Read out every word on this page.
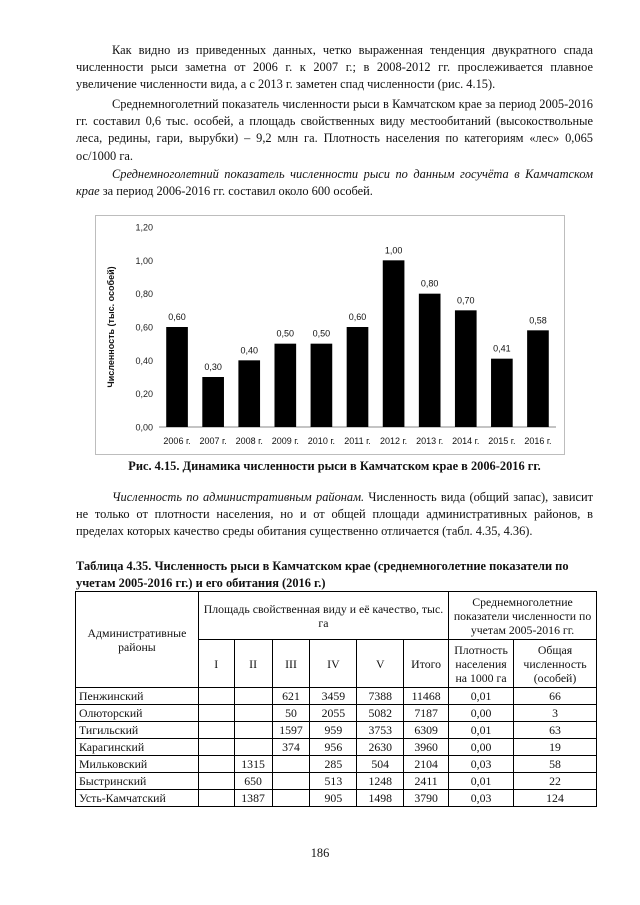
Как видно из приведенных данных, четко выраженная тенденция двукратного спада численности рыси заметна от 2006 г. к 2007 г.; в 2008-2012 гг. прослеживается плавное увеличение численности вида, а с 2013 г. заметен спад численности (рис. 4.15).

Среднемноголетний показатель численности рыси в Камчатском крае за период 2005-2016 гг. составил 0,6 тыс. особей, а площадь свойственных виду местообитаний (высокоствольные леса, редины, гари, вырубки) – 9,2 млн га. Плотность населения по категориям «лес» 0,065 ос/1000 га.

Среднемноголетний показатель численности рыси по данным госучёта в Камчатском крае за период 2006-2016 гг. составил около 600 особей.

0,00
0,20
0,40
0,60
0,80
1,00
1,20
Численность (тыс. особей)	0,60
2006 г.
0,30
2007 г.
0,40
2008 г.
0,50
2009 г.
0,50
2010 г.
0,60
2011 г.
1,00
2012 г.
0,80
2013 г.
0,70
2014 г.
0,41
2015 г.
0,58
2016 г.

Рис. 4.15. Динамика численности рыси в Камчатском крае в 2006-2016 гг.

Численность по административным районам. Численность вида (общий запас), зависит не только от плотности населения, но и от общей площади административных районов, в пределах которых качество среды обитания существенно отличается (табл. 4.35, 4.36).

Таблица 4.35. Численность рыси в Камчатском крае (среднемноголетние показатели по учетам 2005-2016 гг.) и его обитания (2016 г.)

Административные районы	Площадь свойственная виду и её качество, тыс. га						Среднемноголетние показатели численности по учетам 2005-2016 гг.	
	I	II	III	IV	V	Итого	Плотность населения на 1000 га	Общая численность (особей)
Пенжинский			621	3459	7388	11468	0,01	66
Олюторский			50	2055	5082	7187	0,00	3
Тигильский			1597	959	3753	6309	0,01	63
Карагинский			374	956	2630	3960	0,00	19
Мильковский		1315		285	504	2104	0,03	58
Быстринский		650		513	1248	2411	0,01	22
Усть-Камчатский		1387		905	1498	3790	0,03	124
186
